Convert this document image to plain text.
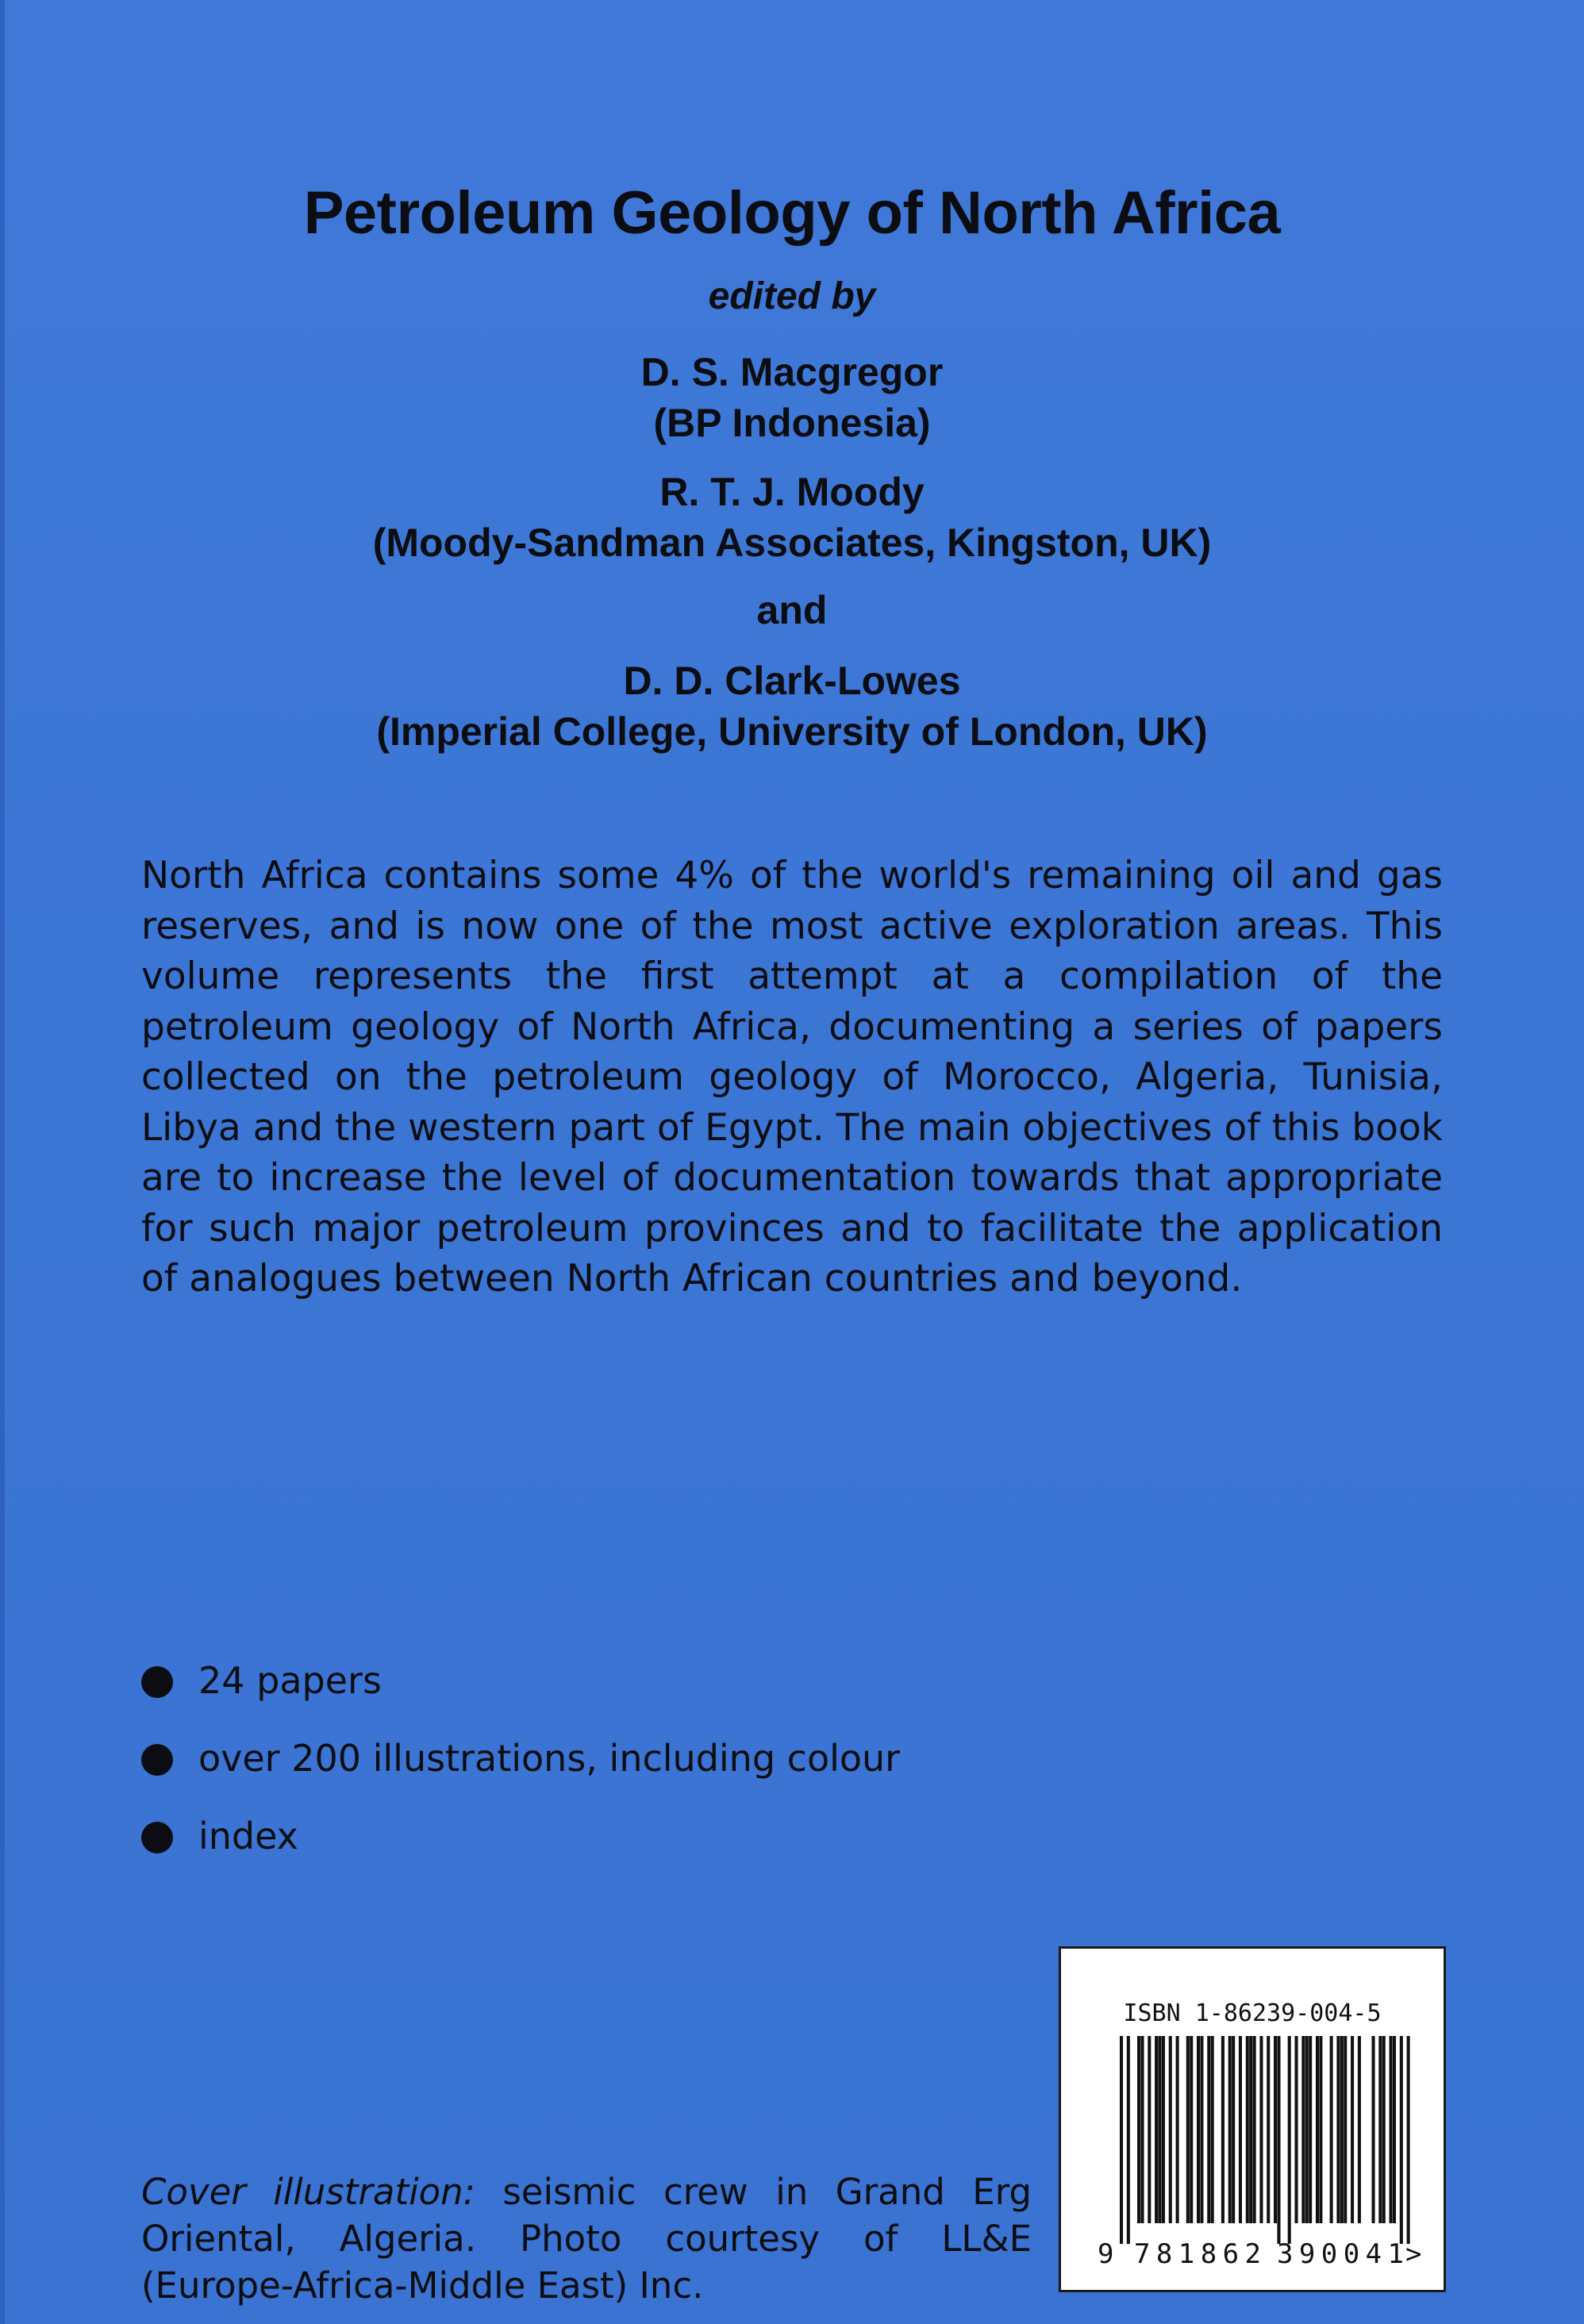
Petroleum Geology of North Africa
edited by
D. S. Macgregor
(BP Indonesia)
R. T. J. Moody
(Moody-Sandman Associates, Kingston, UK)
and
D. D. Clark-Lowes
(Imperial College, University of London, UK)

North Africa contains some 4% of the world's remaining oil and gas reserves, and is now one of the most active exploration areas. This volume represents the first attempt at a compilation of the petroleum geology of North Africa, documenting a series of papers collected on the petroleum geology of Morocco, Algeria, Tunisia, Libya and the western part of Egypt. The main objectives of this book are to increase the level of documentation towards that appropriate for such major petroleum provinces and to facilitate the application of analogues between North African countries and beyond.

24 papers
over 200 illustrations, including colour
index

Cover illustration: seismic crew in Grand Erg Oriental, Algeria. Photo courtesy of LL&E (Europe-Africa-Middle East) Inc.

ISBN 1-86239-004-5
9 781862 390041 >
